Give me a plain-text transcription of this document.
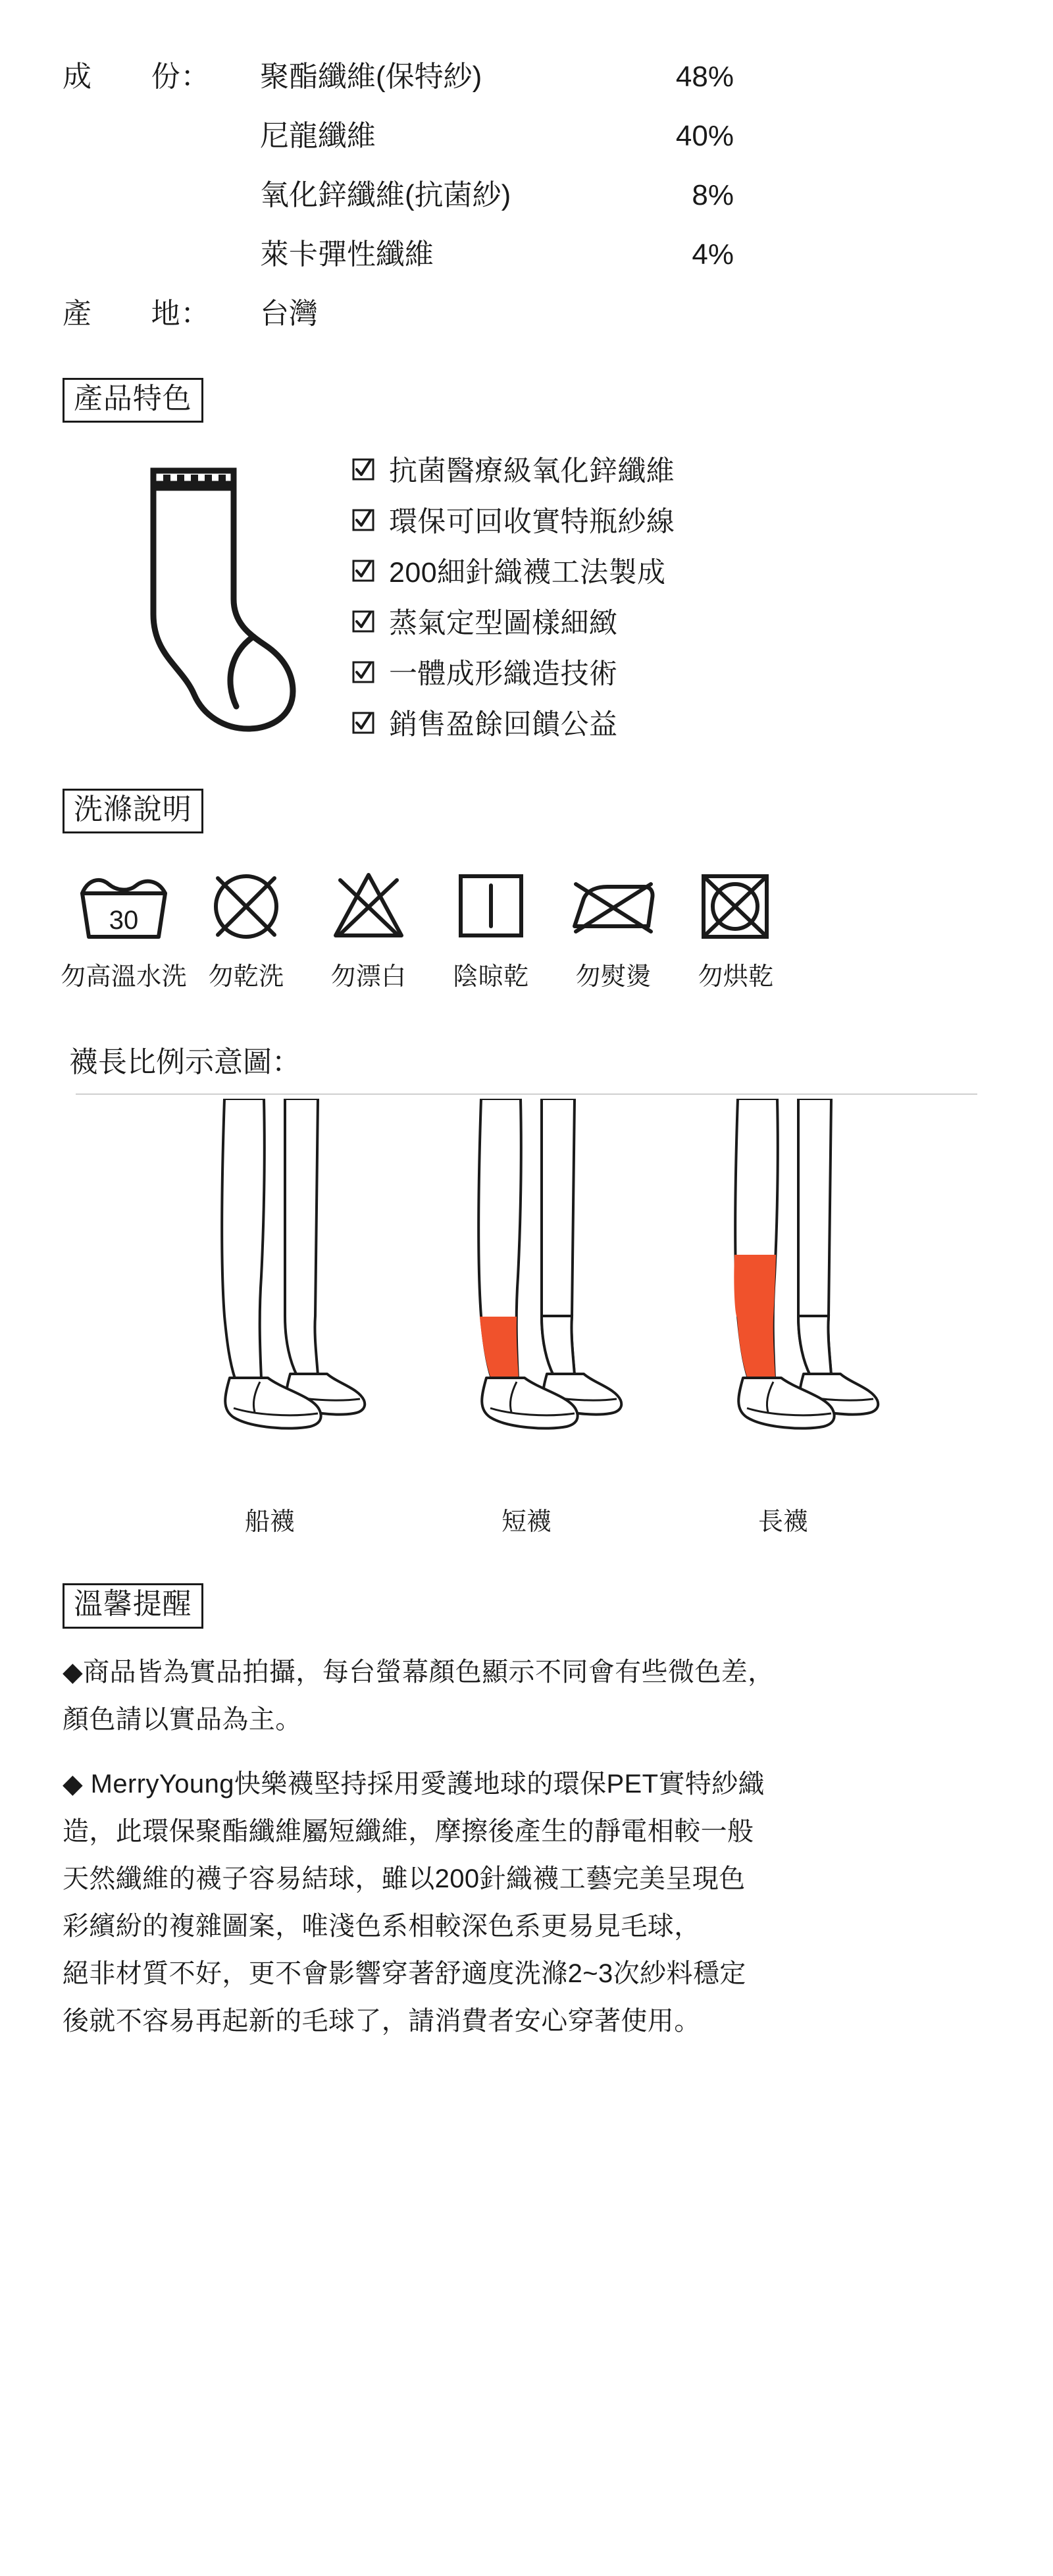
成　　份：	聚酯纖維(保特紗)	48%
尼龍纖維	40%
氧化鋅纖維(抗菌紗)	8%
萊卡彈性纖維	4%
產　　地：	台灣
產品特色
抗菌醫療級氧化鋅纖維
環保可回收實特瓶紗線
200細針織襪工法製成
蒸氣定型圖樣細緻
一體成形織造技術
銷售盈餘回饋公益
洗滌說明
30
勿高溫水洗 勿乾洗 勿漂白 陰晾乾 勿熨燙 勿烘乾
襪長比例示意圖：
船襪	短襪	長襪
溫馨提醒

◆商品皆為實品拍攝，每台螢幕顏色顯示不同會有些微色差，

顏色請以實品為主。

◆ MerryYoung快樂襪堅持採用愛護地球的環保PET實特紗織

造，此環保聚酯纖維屬短纖維，摩擦後產生的靜電相較一般

天然纖維的襪子容易結球，雖以200針織襪工藝完美呈現色

彩繽紛的複雜圖案，唯淺色系相較深色系更易見毛球，

絕非材質不好，更不會影響穿著舒適度洗滌2~3次紗料穩定

後就不容易再起新的毛球了，請消費者安心穿著使用。
